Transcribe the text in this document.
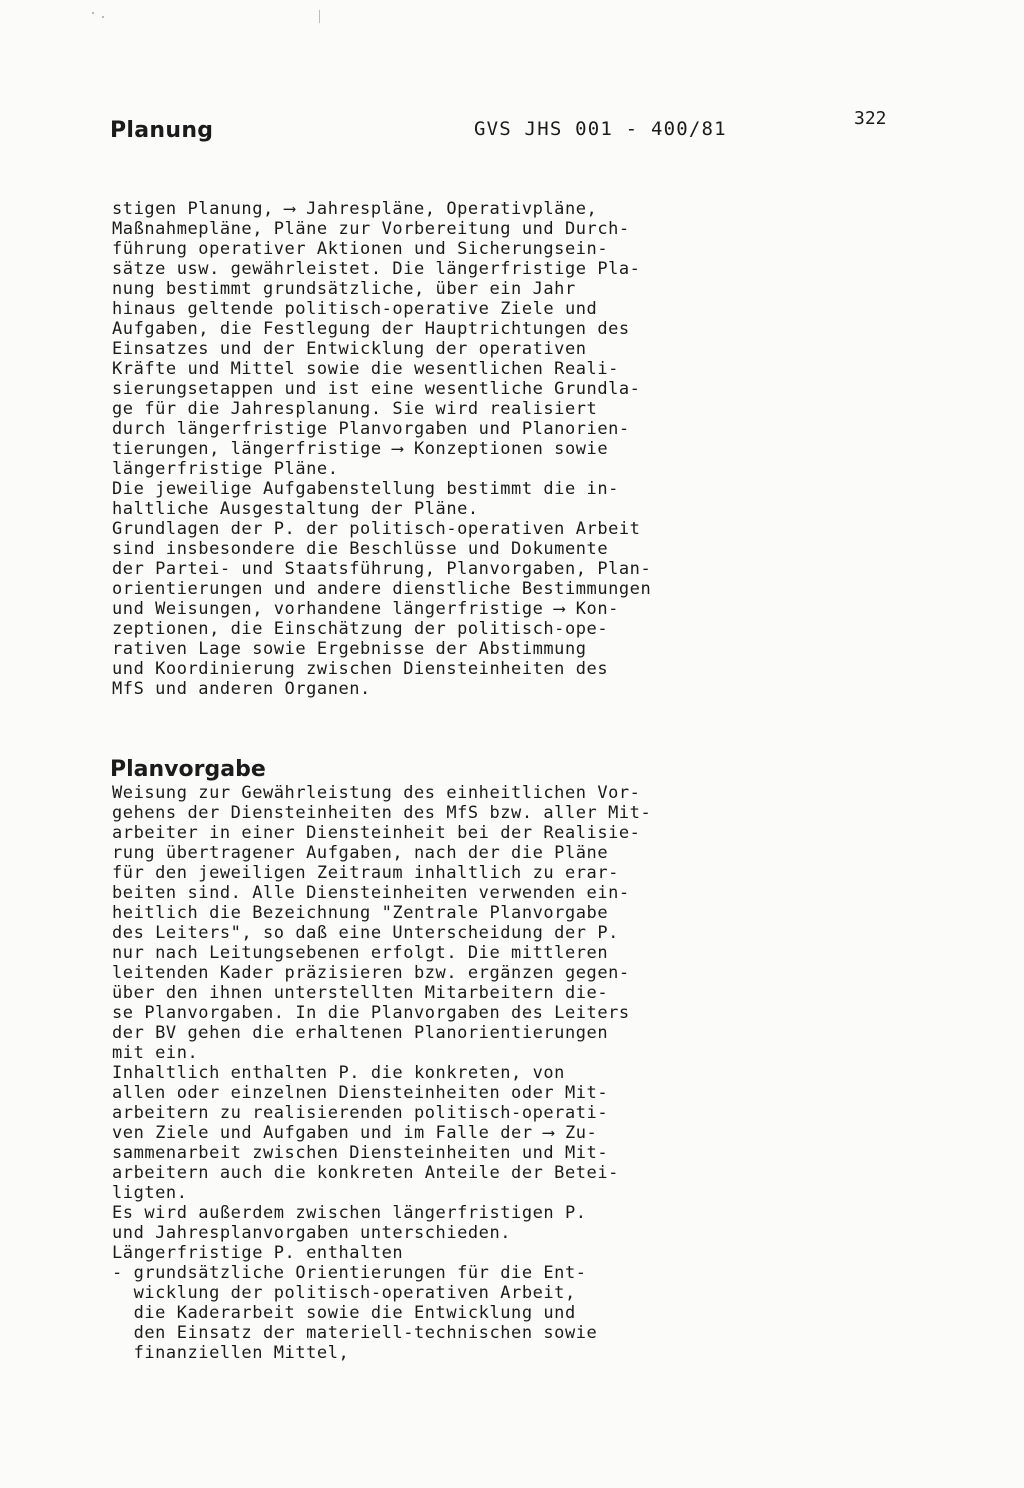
Planung	GVS JHS 001 - 400/81	322
stigen Planung, ⟶ Jahrespläne, Operativpläne,
Maßnahmepläne, Pläne zur Vorbereitung und Durch-
führung operativer Aktionen und Sicherungsein-
sätze usw. gewährleistet. Die längerfristige Pla-
nung bestimmt grundsätzliche, über ein Jahr
hinaus geltende politisch-operative Ziele und
Aufgaben, die Festlegung der Hauptrichtungen des
Einsatzes und der Entwicklung der operativen
Kräfte und Mittel sowie die wesentlichen Reali-
sierungsetappen und ist eine wesentliche Grundla-
ge für die Jahresplanung. Sie wird realisiert
durch längerfristige Planvorgaben und Planorien-
tierungen, längerfristige ⟶ Konzeptionen sowie
längerfristige Pläne.
Die jeweilige Aufgabenstellung bestimmt die in-
haltliche Ausgestaltung der Pläne.
Grundlagen der P. der politisch-operativen Arbeit
sind insbesondere die Beschlüsse und Dokumente
der Partei- und Staatsführung, Planvorgaben, Plan-
orientierungen und andere dienstliche Bestimmungen
und Weisungen, vorhandene längerfristige ⟶ Kon-
zeptionen, die Einschätzung der politisch-ope-
rativen Lage sowie Ergebnisse der Abstimmung
und Koordinierung zwischen Diensteinheiten des
MfS und anderen Organen.
Planvorgabe
Weisung zur Gewährleistung des einheitlichen Vor-
gehens der Diensteinheiten des MfS bzw. aller Mit-
arbeiter in einer Diensteinheit bei der Realisie-
rung übertragener Aufgaben, nach der die Pläne
für den jeweiligen Zeitraum inhaltlich zu erar-
beiten sind. Alle Diensteinheiten verwenden ein-
heitlich die Bezeichnung "Zentrale Planvorgabe
des Leiters", so daß eine Unterscheidung der P.
nur nach Leitungsebenen erfolgt. Die mittleren
leitenden Kader präzisieren bzw. ergänzen gegen-
über den ihnen unterstellten Mitarbeitern die-
se Planvorgaben. In die Planvorgaben des Leiters
der BV gehen die erhaltenen Planorientierungen
mit ein.
Inhaltlich enthalten P. die konkreten, von
allen oder einzelnen Diensteinheiten oder Mit-
arbeitern zu realisierenden politisch-operati-
ven Ziele und Aufgaben und im Falle der ⟶ Zu-
sammenarbeit zwischen Diensteinheiten und Mit-
arbeitern auch die konkreten Anteile der Betei-
ligten.
Es wird außerdem zwischen längerfristigen P.
und Jahresplanvorgaben unterschieden.
Längerfristige P. enthalten
- grundsätzliche Orientierungen für die Ent-
wicklung der politisch-operativen Arbeit,
die Kaderarbeit sowie die Entwicklung und
den Einsatz der materiell-technischen sowie
finanziellen Mittel,
